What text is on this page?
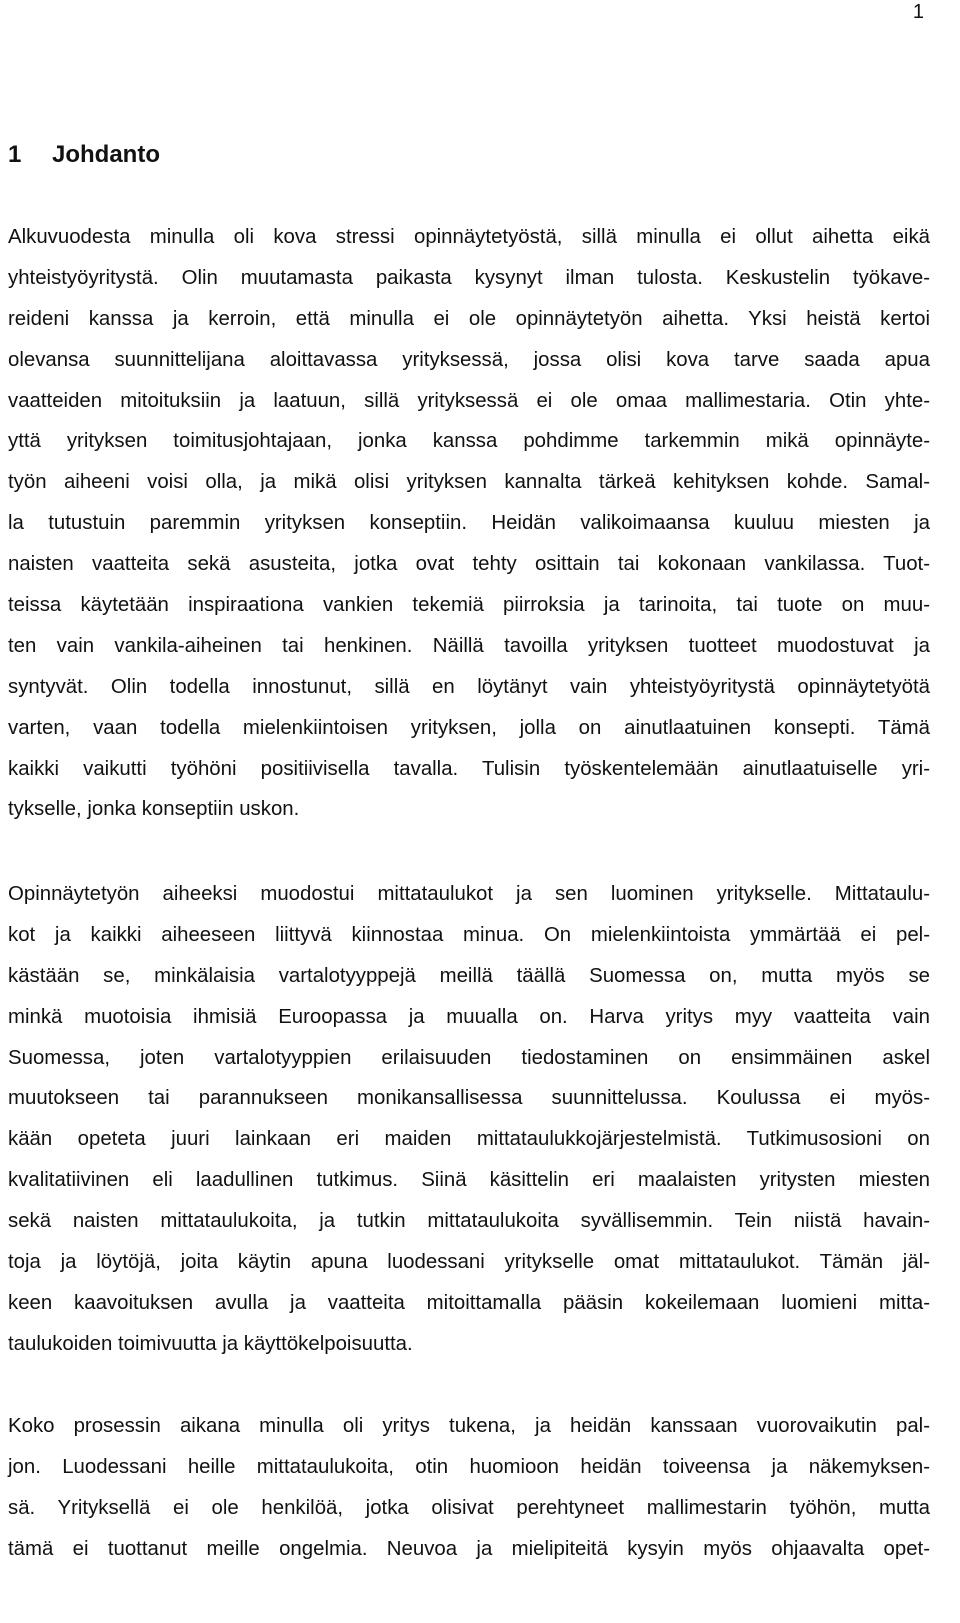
1
1 Johdanto
Alkuvuodesta minulla oli kova stressi opinnäytetyöstä, sillä minulla ei ollut aihetta eikä
yhteistyöyritystä. Olin muutamasta paikasta kysynyt ilman tulosta. Keskustelin työkave-
reideni kanssa ja kerroin, että minulla ei ole opinnäytetyön aihetta. Yksi heistä kertoi
olevansa suunnittelijana aloittavassa yrityksessä, jossa olisi kova tarve saada apua
vaatteiden mitoituksiin ja laatuun, sillä yrityksessä ei ole omaa mallimestaria. Otin yhte-
yttä yrityksen toimitusjohtajaan, jonka kanssa pohdimme tarkemmin mikä opinnäyte-
työn aiheeni voisi olla, ja mikä olisi yrityksen kannalta tärkeä kehityksen kohde. Samal-
la tutustuin paremmin yrityksen konseptiin. Heidän valikoimaansa kuuluu miesten ja
naisten vaatteita sekä asusteita, jotka ovat tehty osittain tai kokonaan vankilassa. Tuot-
teissa käytetään inspiraationa vankien tekemiä piirroksia ja tarinoita, tai tuote on muu-
ten vain vankila-aiheinen tai henkinen. Näillä tavoilla yrityksen tuotteet muodostuvat ja
syntyvät. Olin todella innostunut, sillä en löytänyt vain yhteistyöyritystä opinnäytetyötä
varten, vaan todella mielenkiintoisen yrityksen, jolla on ainutlaatuinen konsepti. Tämä
kaikki vaikutti työhöni positiivisella tavalla. Tulisin työskentelemään ainutlaatuiselle yri-
tykselle, jonka konseptiin uskon.
Opinnäytetyön aiheeksi muodostui mittataulukot ja sen luominen yritykselle. Mittataulu-
kot ja kaikki aiheeseen liittyvä kiinnostaa minua. On mielenkiintoista ymmärtää ei pel-
kästään se, minkälaisia vartalotyyppejä meillä täällä Suomessa on, mutta myös se
minkä muotoisia ihmisiä Euroopassa ja muualla on. Harva yritys myy vaatteita vain
Suomessa, joten vartalotyyppien erilaisuuden tiedostaminen on ensimmäinen askel
muutokseen tai parannukseen monikansallisessa suunnittelussa. Koulussa ei myös-
kään opeteta juuri lainkaan eri maiden mittataulukkojärjestelmistä. Tutkimusosioni on
kvalitatiivinen eli laadullinen tutkimus. Siinä käsittelin eri maalaisten yritysten miesten
sekä naisten mittataulukoita, ja tutkin mittataulukoita syvällisemmin. Tein niistä havain-
toja ja löytöjä, joita käytin apuna luodessani yritykselle omat mittataulukot. Tämän jäl-
keen kaavoituksen avulla ja vaatteita mitoittamalla pääsin kokeilemaan luomieni mitta-
taulukoiden toimivuutta ja käyttökelpoisuutta.
Koko prosessin aikana minulla oli yritys tukena, ja heidän kanssaan vuorovaikutin pal-
jon. Luodessani heille mittataulukoita, otin huomioon heidän toiveensa ja näkemyksen-
sä. Yrityksellä ei ole henkilöä, jotka olisivat perehtyneet mallimestarin työhön, mutta
tämä ei tuottanut meille ongelmia. Neuvoa ja mielipiteitä kysyin myös ohjaavalta opet-
